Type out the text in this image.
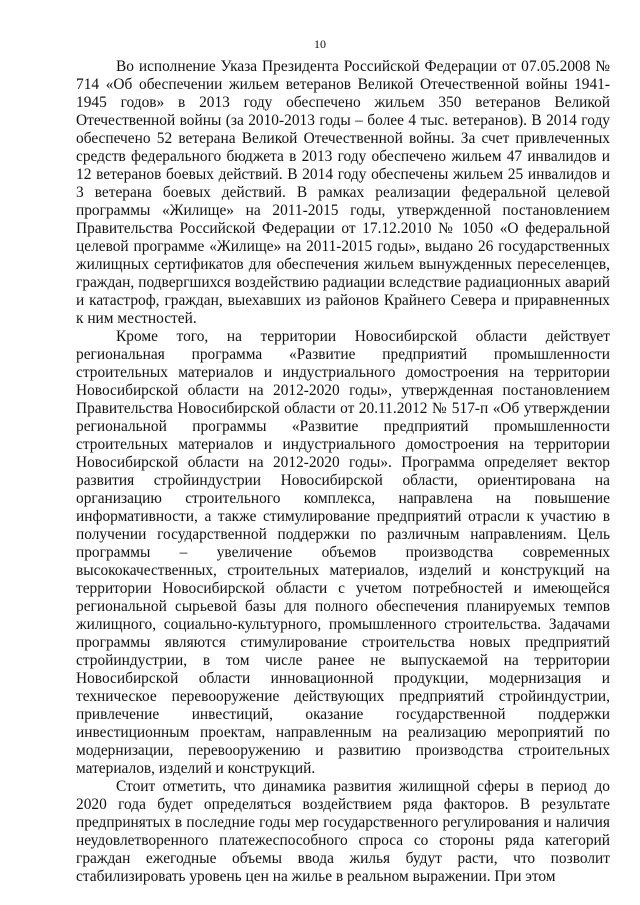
10

Во исполнение Указа Президента Российской Федерации от 07.05.2008 № 714 «Об обеспечении жильем ветеранов Великой Отечественной войны 1941-1945 годов» в 2013 году обеспечено жильем 350 ветеранов Великой Отечественной войны (за 2010-2013 годы – более 4 тыс. ветеранов). В 2014 году обеспечено 52 ветерана Великой Отечественной войны. За счет привлеченных средств федерального бюджета в 2013 году обеспечено жильем 47 инвалидов и 12 ветеранов боевых действий. В 2014 году обеспечены жильем 25 инвалидов и 3 ветерана боевых действий. В рамках реализации федеральной целевой программы «Жилище» на 2011-2015 годы, утвержденной постановлением Правительства Российской Федерации от 17.12.2010 № 1050 «О федеральной целевой программе «Жилище» на 2011-2015 годы», выдано 26 государственных жилищных сертификатов для обеспечения жильем вынужденных переселенцев, граждан, подвергшихся воздействию радиации вследствие радиационных аварий и катастроф, граждан, выехавших из районов Крайнего Севера и приравненных к ним местностей.

Кроме того, на территории Новосибирской области действует региональная программа «Развитие предприятий промышленности строительных материалов и индустриального домостроения на территории Новосибирской области на 2012-2020 годы», утвержденная постановлением Правительства Новосибирской области от 20.11.2012 № 517-п «Об утверждении региональной программы «Развитие предприятий промышленности строительных материалов и индустриального домостроения на территории Новосибирской области на 2012-2020 годы». Программа определяет вектор развития стройиндустрии Новосибирской области, ориентирована на организацию строительного комплекса, направлена на повышение информативности, а также стимулирование предприятий отрасли к участию в получении государственной поддержки по различным направлениям. Цель программы – увеличение объемов производства современных высококачественных, строительных материалов, изделий и конструкций на территории Новосибирской области с учетом потребностей и имеющейся региональной сырьевой базы для полного обеспечения планируемых темпов жилищного, социально-культурного, промышленного строительства. Задачами программы являются стимулирование строительства новых предприятий стройиндустрии, в том числе ранее не выпускаемой на территории Новосибирской области инновационной продукции, модернизация и техническое перевооружение действующих предприятий стройиндустрии, привлечение инвестиций, оказание государственной поддержки инвестиционным проектам, направленным на реализацию мероприятий по модернизации, перевооружению и развитию производства строительных материалов, изделий и конструкций.

Стоит отметить, что динамика развития жилищной сферы в период до 2020 года будет определяться воздействием ряда факторов. В результате предпринятых в последние годы мер государственного регулирования и наличия неудовлетворенного платежеспособного спроса со стороны ряда категорий граждан ежегодные объемы ввода жилья будут расти, что позволит стабилизировать уровень цен на жилье в реальном выражении. При этом
